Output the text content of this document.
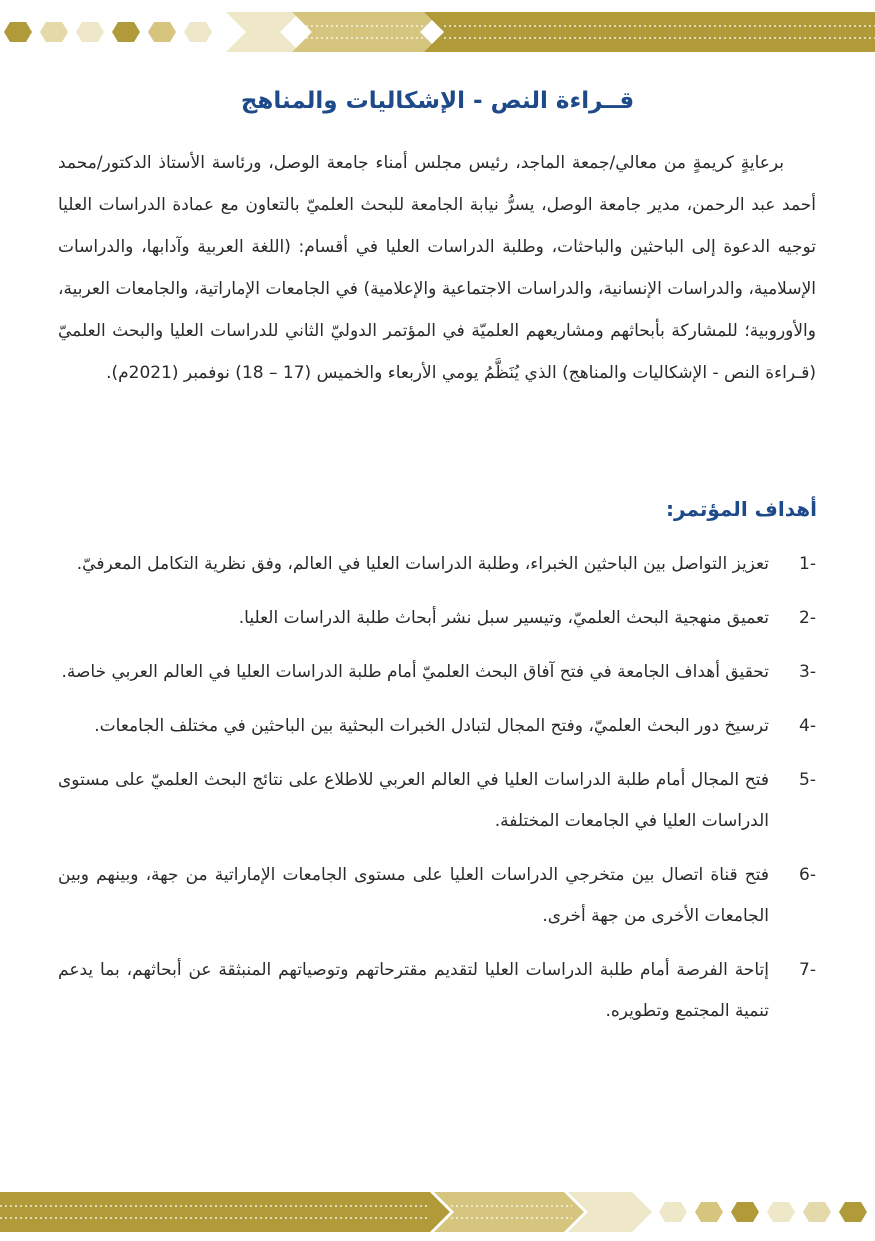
قــراءة النص - الإشكاليات والمناهج

برعايةٍ كريمةٍ من معالي/جمعة الماجد، رئيس مجلس أمناء جامعة الوصل، ورئاسة الأستاذ الدكتور/محمد أحمد عبد الرحمن، مدير جامعة الوصل، يسرُّ نيابة الجامعة للبحث العلميّ بالتعاون مع عمادة الدراسات العليا توجيه الدعوة إلى الباحثين والباحثات، وطلبة الدراسات العليا في أقسام: (اللغة العربية وآدابها، والدراسات الإسلامية، والدراسات الإنسانية، والدراسات الاجتماعية والإعلامية) في الجامعات الإماراتية، والجامعات العربية، والأوروبية؛ للمشاركة بأبحاثهم ومشاريعهم العلميّة في المؤتمر الدوليّ الثاني للدراسات العليا والبحث العلميّ (قـراءة النص - الإشكاليات والمناهج) الذي يُنَظَّمُ يومي الأربعاء والخميس (17 – 18) نوفمبر (2021م).

أهداف المؤتمر:
-1
تعزيز التواصل بين الباحثين الخبراء، وطلبة الدراسات العليا في العالم، وفق نظرية التكامل المعرفيّ.
-2
تعميق منهجية البحث العلميّ، وتيسير سبل نشر أبحاث طلبة الدراسات العليا.
-3
تحقيق أهداف الجامعة في فتح آفاق البحث العلميّ أمام طلبة الدراسات العليا في العالم العربي خاصة.
-4
ترسيخ دور البحث العلميّ، وفتح المجال لتبادل الخبرات البحثية بين الباحثين في مختلف الجامعات.
-5
فتح المجال أمام طلبة الدراسات العليا في العالم العربي للاطلاع على نتائج البحث العلميّ على مستوى الدراسات العليا في الجامعات المختلفة.
-6
فتح قناة اتصال بين متخرجي الدراسات العليا على مستوى الجامعات الإماراتية من جهة، وبينهم وبين الجامعات الأخرى من جهة أخرى.
-7
إتاحة الفرصة أمام طلبة الدراسات العليا لتقديم مقترحاتهم وتوصياتهم المنبثقة عن أبحاثهم، بما يدعم تنمية المجتمع وتطويره.
